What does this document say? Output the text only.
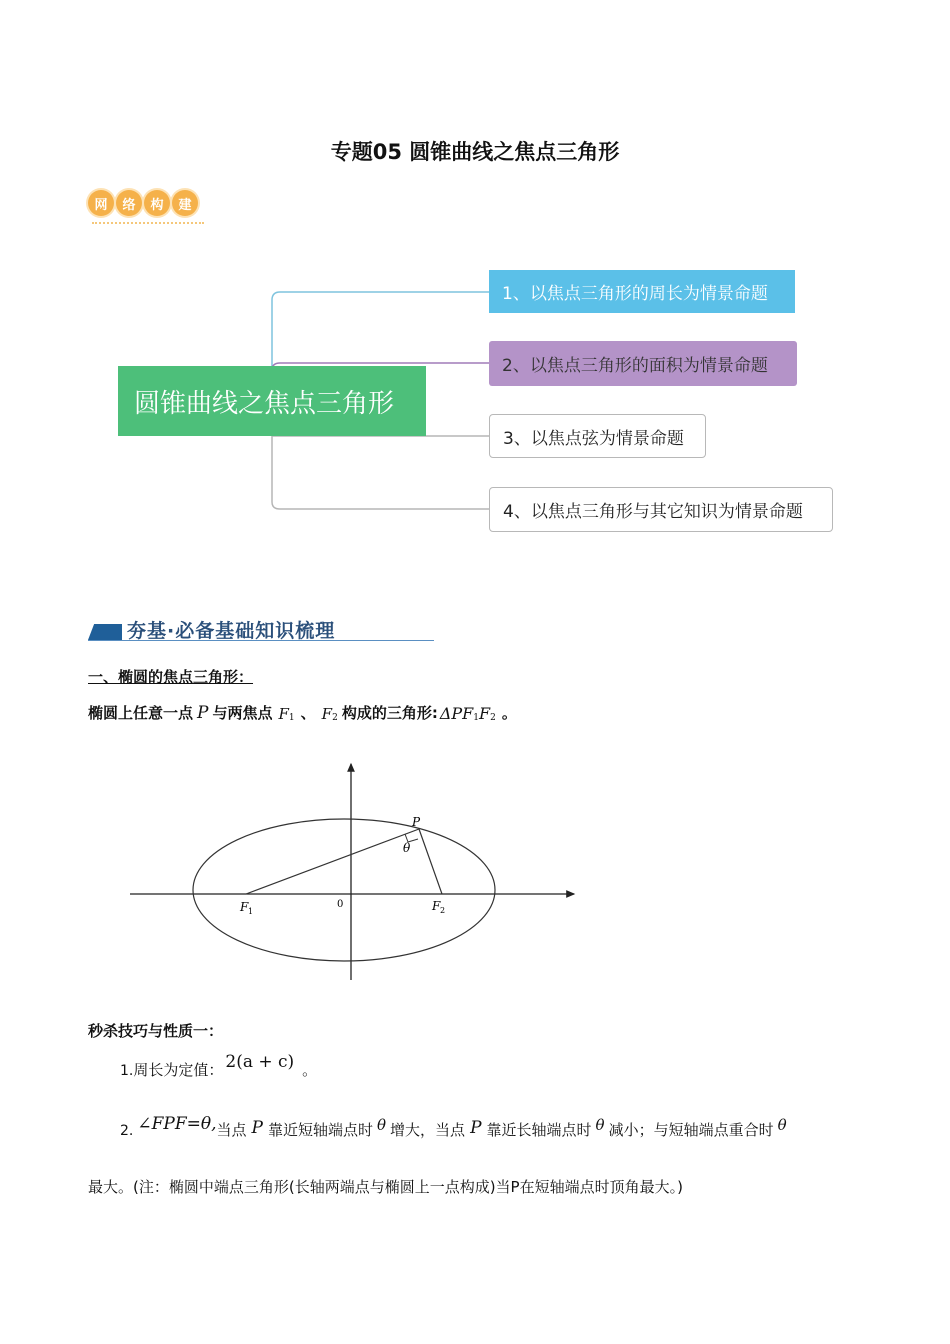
专题05 圆锥曲线之焦点三角形
网	络	构	建
圆锥曲线之焦点三角形
1、以焦点三角形的周长为情景命题
2、以焦点三角形的面积为情景命题
3、以焦点弦为情景命题
4、以焦点三角形与其它知识为情景命题
夯基·必备基础知识梳理
一、椭圆的焦点三角形：
椭圆上任意一点 P 与两焦点 F 1 、 F 2 构成的三角形: ΔPF 1 F 2 。
P
θ
F 1
0	F 2
秒杀技巧与性质一：
1. 周长为定值： 2(a + c) 。
2. ∠F PF =θ, 当点 P 靠近短轴端点时 θ 增大，当点 P 靠近长轴端点时 θ 减小；与短轴端点重合时 θ
最大。(注：椭圆中端点三角形(长轴两端点与椭圆上一点构成)当P在短轴端点时顶角最大。)
